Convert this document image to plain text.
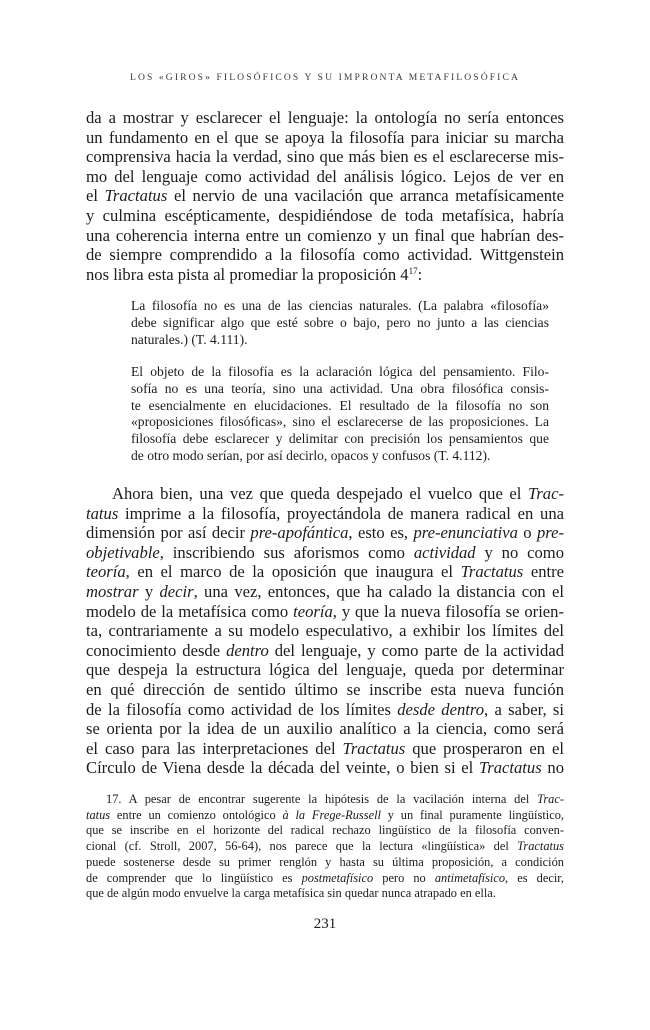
LOS «GIROS» FILOSÓFICOS Y SU IMPRONTA METAFILOSÓFICA
da a mostrar y esclarecer el lenguaje: la ontología no sería entonces
un fundamento en el que se apoya la filosofía para iniciar su marcha
comprensiva hacia la verdad, sino que más bien es el esclarecerse mis-
mo del lenguaje como actividad del análisis lógico. Lejos de ver en
el Tractatus el nervio de una vacilación que arranca metafísicamente
y culmina escépticamente, despidiéndose de toda metafísica, habría
una coherencia interna entre un comienzo y un final que habrían des-
de siempre comprendido a la filosofía como actividad. Wittgenstein
nos libra esta pista al promediar la proposición $4^{17}$:
La filosofía no es una de las ciencias naturales. (La palabra «filosofía»
debe significar algo que esté sobre o bajo, pero no junto a las ciencias
naturales.) (T. 4.111).
El objeto de la filosofía es la aclaración lógica del pensamiento. Filo-
sofía no es una teoría, sino una actividad. Una obra filosófica consis-
te esencialmente en elucidaciones. El resultado de la filosofía no son
«proposiciones filosóficas», sino el esclarecerse de las proposiciones. La
filosofía debe esclarecer y delimitar con precisión los pensamientos que
de otro modo serían, por así decirlo, opacos y confusos (T. 4.112).
Ahora bien, una vez que queda despejado el vuelco que el Trac-
tatus imprime a la filosofía, proyectándola de manera radical en una
dimensión por así decir pre-apofántica, esto es, pre-enunciativa o pre-
objetivable, inscribiendo sus aforismos como actividad y no como
teoría, en el marco de la oposición que inaugura el Tractatus entre
mostrar y decir, una vez, entonces, que ha calado la distancia con el
modelo de la metafísica como teoría, y que la nueva filosofía se orien-
ta, contrariamente a su modelo especulativo, a exhibir los límites del
conocimiento desde dentro del lenguaje, y como parte de la actividad
que despeja la estructura lógica del lenguaje, queda por determinar
en qué dirección de sentido último se inscribe esta nueva función
de la filosofía como actividad de los límites desde dentro, a saber, si
se orienta por la idea de un auxilio analítico a la ciencia, como será
el caso para las interpretaciones del Tractatus que prosperaron en el
Círculo de Viena desde la década del veinte, o bien si el Tractatus no
17. A pesar de encontrar sugerente la hipótesis de la vacilación interna del Trac-
tatus entre un comienzo ontológico à la Frege-Russell y un final puramente lingüístico,
que se inscribe en el horizonte del radical rechazo lingüístico de la filosofía conven-
cional (cf. Stroll, 2007, 56-64), nos parece que la lectura «lingüística» del Tractatus
puede sostenerse desde su primer renglón y hasta su última proposición, a condición
de comprender que lo lingüístico es postmetafísico pero no antimetafísico, es decir,
que de algún modo envuelve la carga metafísica sin quedar nunca atrapado en ella.
231
